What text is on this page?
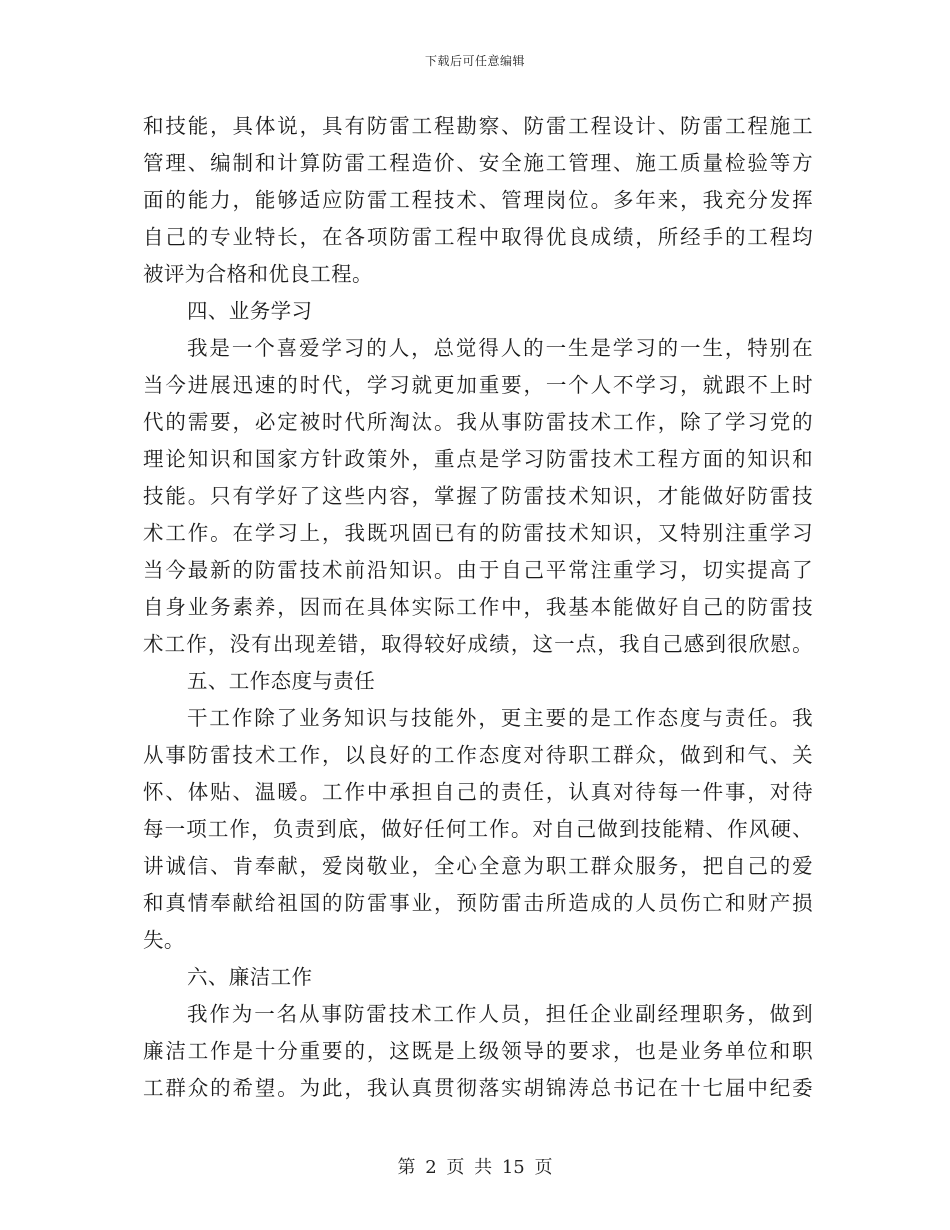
下载后可任意编辑
和技能，具体说，具有防雷工程勘察、防雷工程设计、防雷工程施工
管理、编制和计算防雷工程造价、安全施工管理、施工质量检验等方
面的能力，能够适应防雷工程技术、管理岗位。多年来，我充分发挥
自己的专业特长，在各项防雷工程中取得优良成绩，所经手的工程均
被评为合格和优良工程。
四、业务学习
我是一个喜爱学习的人，总觉得人的一生是学习的一生，特别在
当今进展迅速的时代，学习就更加重要，一个人不学习，就跟不上时
代的需要，必定被时代所淘汰。我从事防雷技术工作，除了学习党的
理论知识和国家方针政策外，重点是学习防雷技术工程方面的知识和
技能。只有学好了这些内容，掌握了防雷技术知识，才能做好防雷技
术工作。在学习上，我既巩固已有的防雷技术知识，又特别注重学习
当今最新的防雷技术前沿知识。由于自己平常注重学习，切实提高了
自身业务素养，因而在具体实际工作中，我基本能做好自己的防雷技
术工作，没有出现差错，取得较好成绩，这一点，我自己感到很欣慰。
五、工作态度与责任
干工作除了业务知识与技能外，更主要的是工作态度与责任。我
从事防雷技术工作，以良好的工作态度对待职工群众，做到和气、关
怀、体贴、温暖。工作中承担自己的责任，认真对待每一件事，对待
每一项工作，负责到底，做好任何工作。对自己做到技能精、作风硬、
讲诚信、肯奉献，爱岗敬业，全心全意为职工群众服务，把自己的爱
和真情奉献给祖国的防雷事业，预防雷击所造成的人员伤亡和财产损
失。
六、廉洁工作
我作为一名从事防雷技术工作人员，担任企业副经理职务，做到
廉洁工作是十分重要的，这既是上级领导的要求，也是业务单位和职
工群众的希望。为此，我认真贯彻落实胡锦涛总书记在十七届中纪委
第 2 页 共 15 页
